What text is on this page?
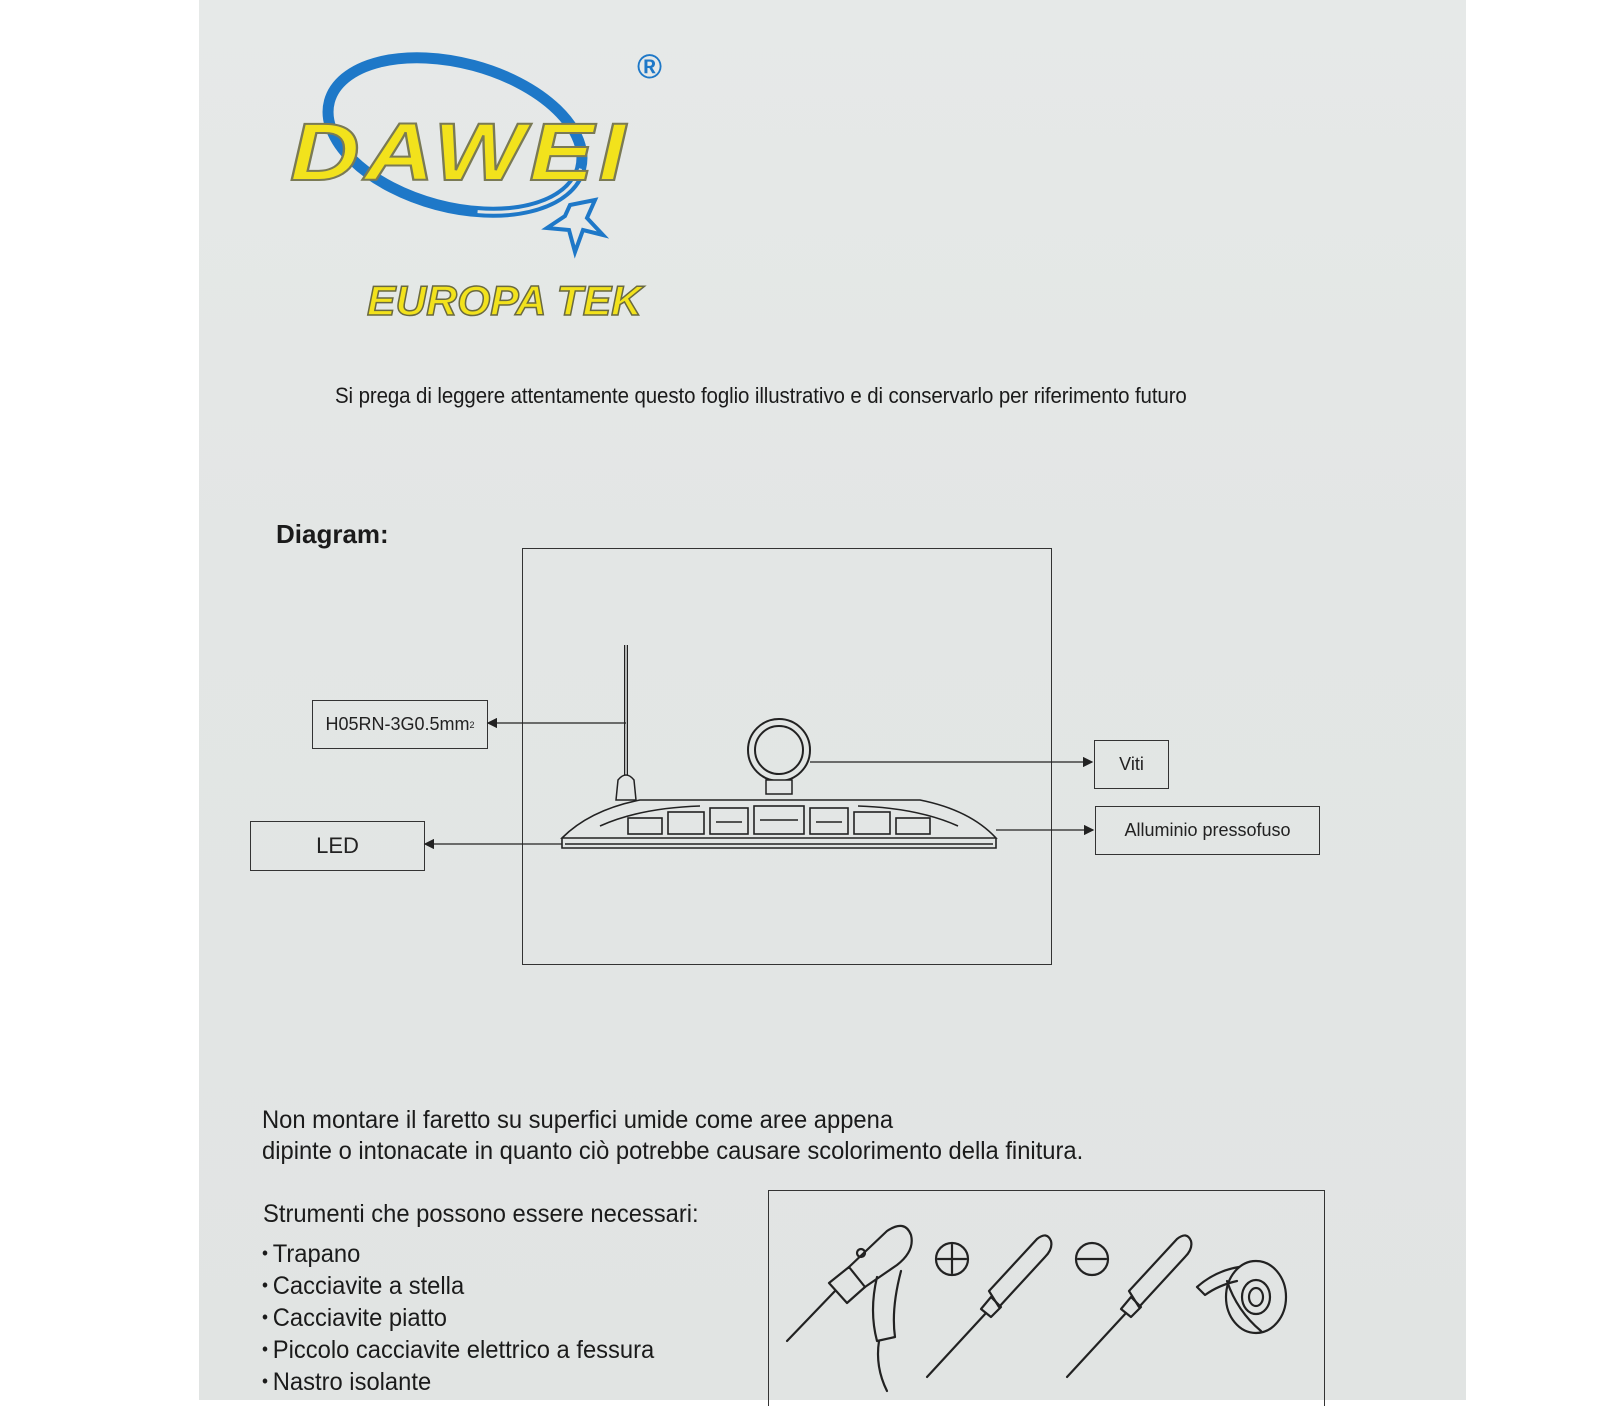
®
DAWEI
EUROPA TEK
Si prega di leggere attentamente questo foglio illustrativo e di conservarlo per riferimento futuro
Diagram:
H05RN-3G0.5mm 2
LED
Viti
Alluminio pressofuso
Non montare il faretto su superfici umide come aree appena
dipinte o intonacate in quanto ciò potrebbe causare scolorimento della finitura.
Strumenti che possono essere necessari:
• Trapano
• Cacciavite a stella
• Cacciavite piatto
• Piccolo cacciavite elettrico a fessura
• Nastro isolante
